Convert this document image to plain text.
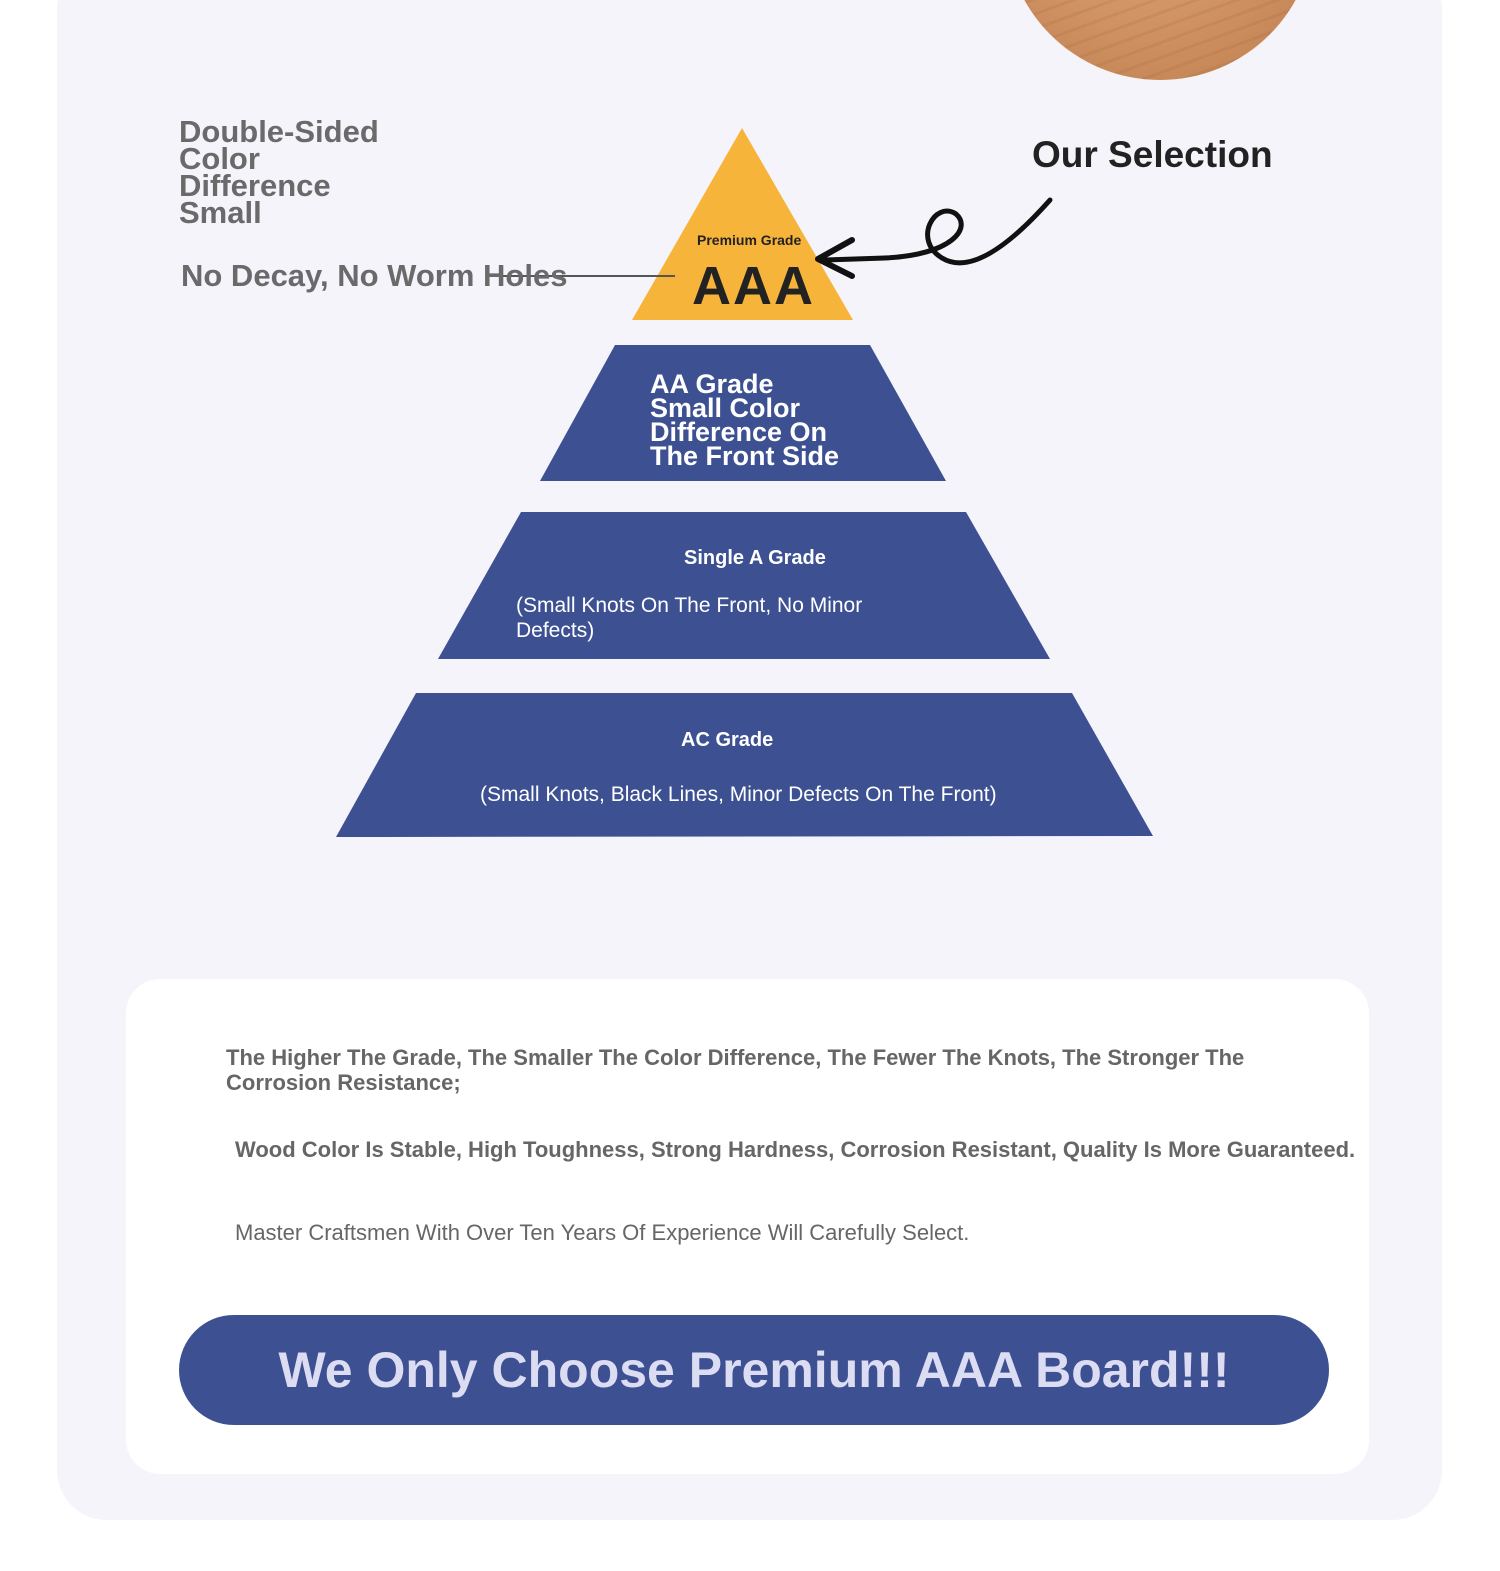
Double-Sided
Color
Difference
Small

No Decay, No Worm Holes

Our Selection

Premium Grade

AAA

AA Grade
Small Color
Difference On
The Front Side

Single A Grade

(Small Knots On The Front, No Minor Defects)

AC Grade

(Small Knots, Black Lines, Minor Defects On The Front)

The Higher The Grade, The Smaller The Color Difference, The Fewer The Knots, The Stronger The Corrosion Resistance;

Wood Color Is Stable, High Toughness, Strong Hardness, Corrosion Resistant, Quality Is More Guaranteed.

Master Craftsmen With Over Ten Years Of Experience Will Carefully Select.

We Only Choose Premium AAA Board!!!
